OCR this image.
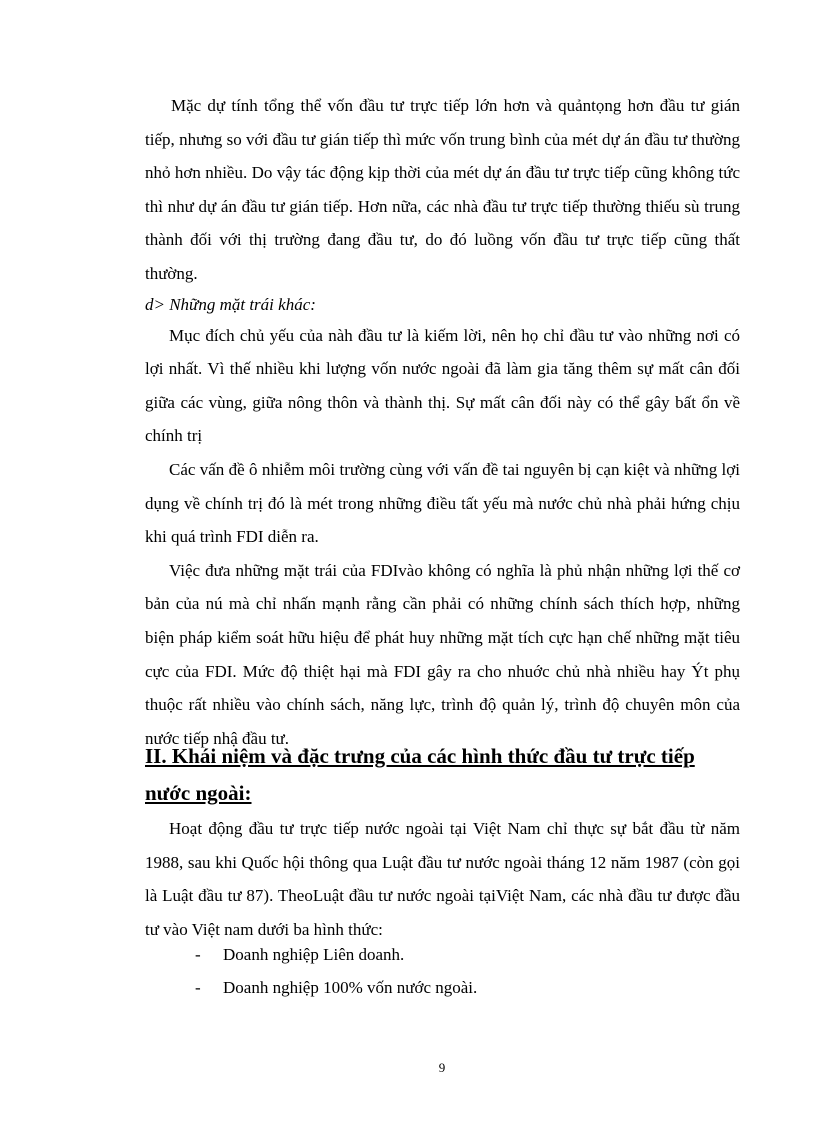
Mặc dự tính tổng thể vốn đầu tư trực tiếp lớn hơn và quảntọng hơn đầu tư gián tiếp, nhưng so với đầu tư gián tiếp thì mức vốn trung bình của mét dự án đầu tư thường nhỏ hơn nhiều. Do vậy tác động kịp thời của mét dự án đầu tư trực tiếp cũng không tức thì như dự án đầu tư gián tiếp. Hơn nữa, các nhà đầu tư trực tiếp thường thiếu sù trung thành đối với thị trường đang đầu tư, do đó luồng vốn đầu tư trực tiếp cũng thất thường.

d> Những mặt trái khác:

Mục đích chủ yếu của nàh đầu tư là kiếm lời, nên họ chỉ đầu tư vào những nơi có lợi nhất. Vì thế nhiều khi lượng vốn nước ngoài đã làm gia tăng thêm sự mất cân đối giữa các vùng, giữa nông thôn và thành thị. Sự mất cân đối này có thể gây bất ổn về chính trị

Các vấn đề ô nhiễm môi trường cùng với vấn đề tai nguyên bị cạn kiệt và những lợi dụng về chính trị đó là mét trong những điều tất yếu mà nước chủ nhà phải hứng chịu khi quá trình FDI diễn ra.

Việc đưa những mặt trái của FDIvào không có nghĩa là phủ nhận những lợi thế cơ bản của nú mà chỉ nhấn mạnh rằng cần phải có những chính sách thích hợp, những biện pháp kiểm soát hữu hiệu để phát huy những mặt tích cực hạn chế những mặt tiêu cực của FDI. Mức độ thiệt hại mà FDI gây ra cho nhuớc chủ nhà nhiều hay Ýt phụ thuộc rất nhiều vào chính sách, năng lực, trình độ quản lý, trình độ chuyên môn của nước tiếp nhậ đầu tư.

II. Khái niệm và đặc trưng của các hình thức đầu tư trực tiếp
nước ngoài:

Hoạt động đầu tư trực tiếp nước ngoài tại Việt Nam chỉ thực sự bắt đầu từ năm 1988, sau khi Quốc hội thông qua Luật đầu tư nước ngoài tháng 12 năm 1987 (còn gọi là Luật đầu tư 87). TheoLuật đầu tư nước ngoài tạiViệt Nam, các nhà đầu tư được đầu tư vào Việt nam dưới ba hình thức:

-	Doanh nghiệp Liên doanh.
-	Doanh nghiệp 100% vốn nước ngoài.
9
